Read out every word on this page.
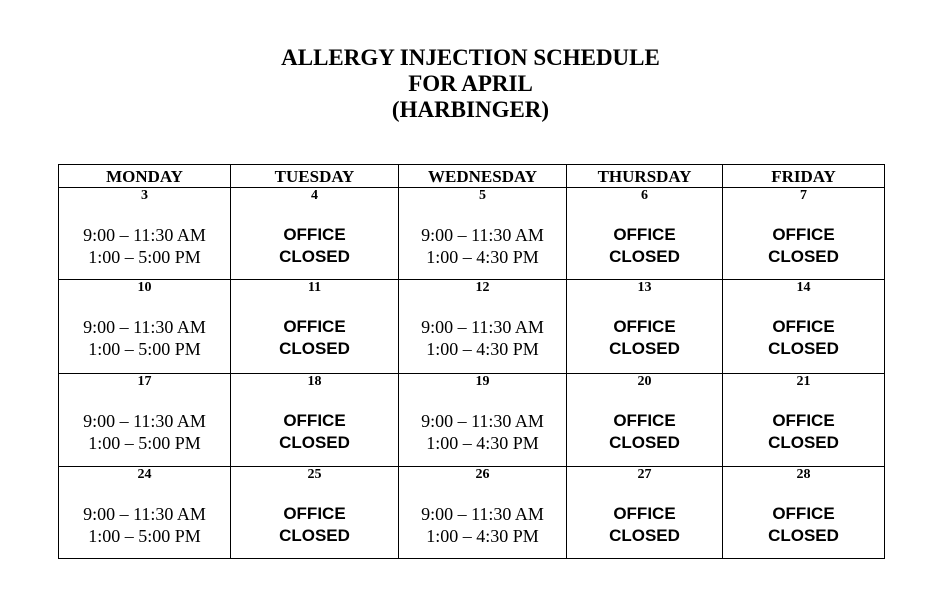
ALLERGY INJECTION SCHEDULE
FOR APRIL
(HARBINGER)
MONDAY	TUESDAY	WEDNESDAY	THURSDAY	FRIDAY

3
9:00 – 11:30 AM
1:00 – 5:00 PM	4
OFFICE
CLOSED	5
9:00 – 11:30 AM
1:00 – 4:30 PM	6
OFFICE
CLOSED	7
OFFICE
CLOSED

10
9:00 – 11:30 AM
1:00 – 5:00 PM	11
OFFICE
CLOSED	12
9:00 – 11:30 AM
1:00 – 4:30 PM	13
OFFICE
CLOSED	14
OFFICE
CLOSED

17
9:00 – 11:30 AM
1:00 – 5:00 PM	18
OFFICE
CLOSED	19
9:00 – 11:30 AM
1:00 – 4:30 PM	20
OFFICE
CLOSED	21
OFFICE
CLOSED

24
9:00 – 11:30 AM
1:00 – 5:00 PM	25
OFFICE
CLOSED	26
9:00 – 11:30 AM
1:00 – 4:30 PM	27
OFFICE
CLOSED	28
OFFICE
CLOSED
